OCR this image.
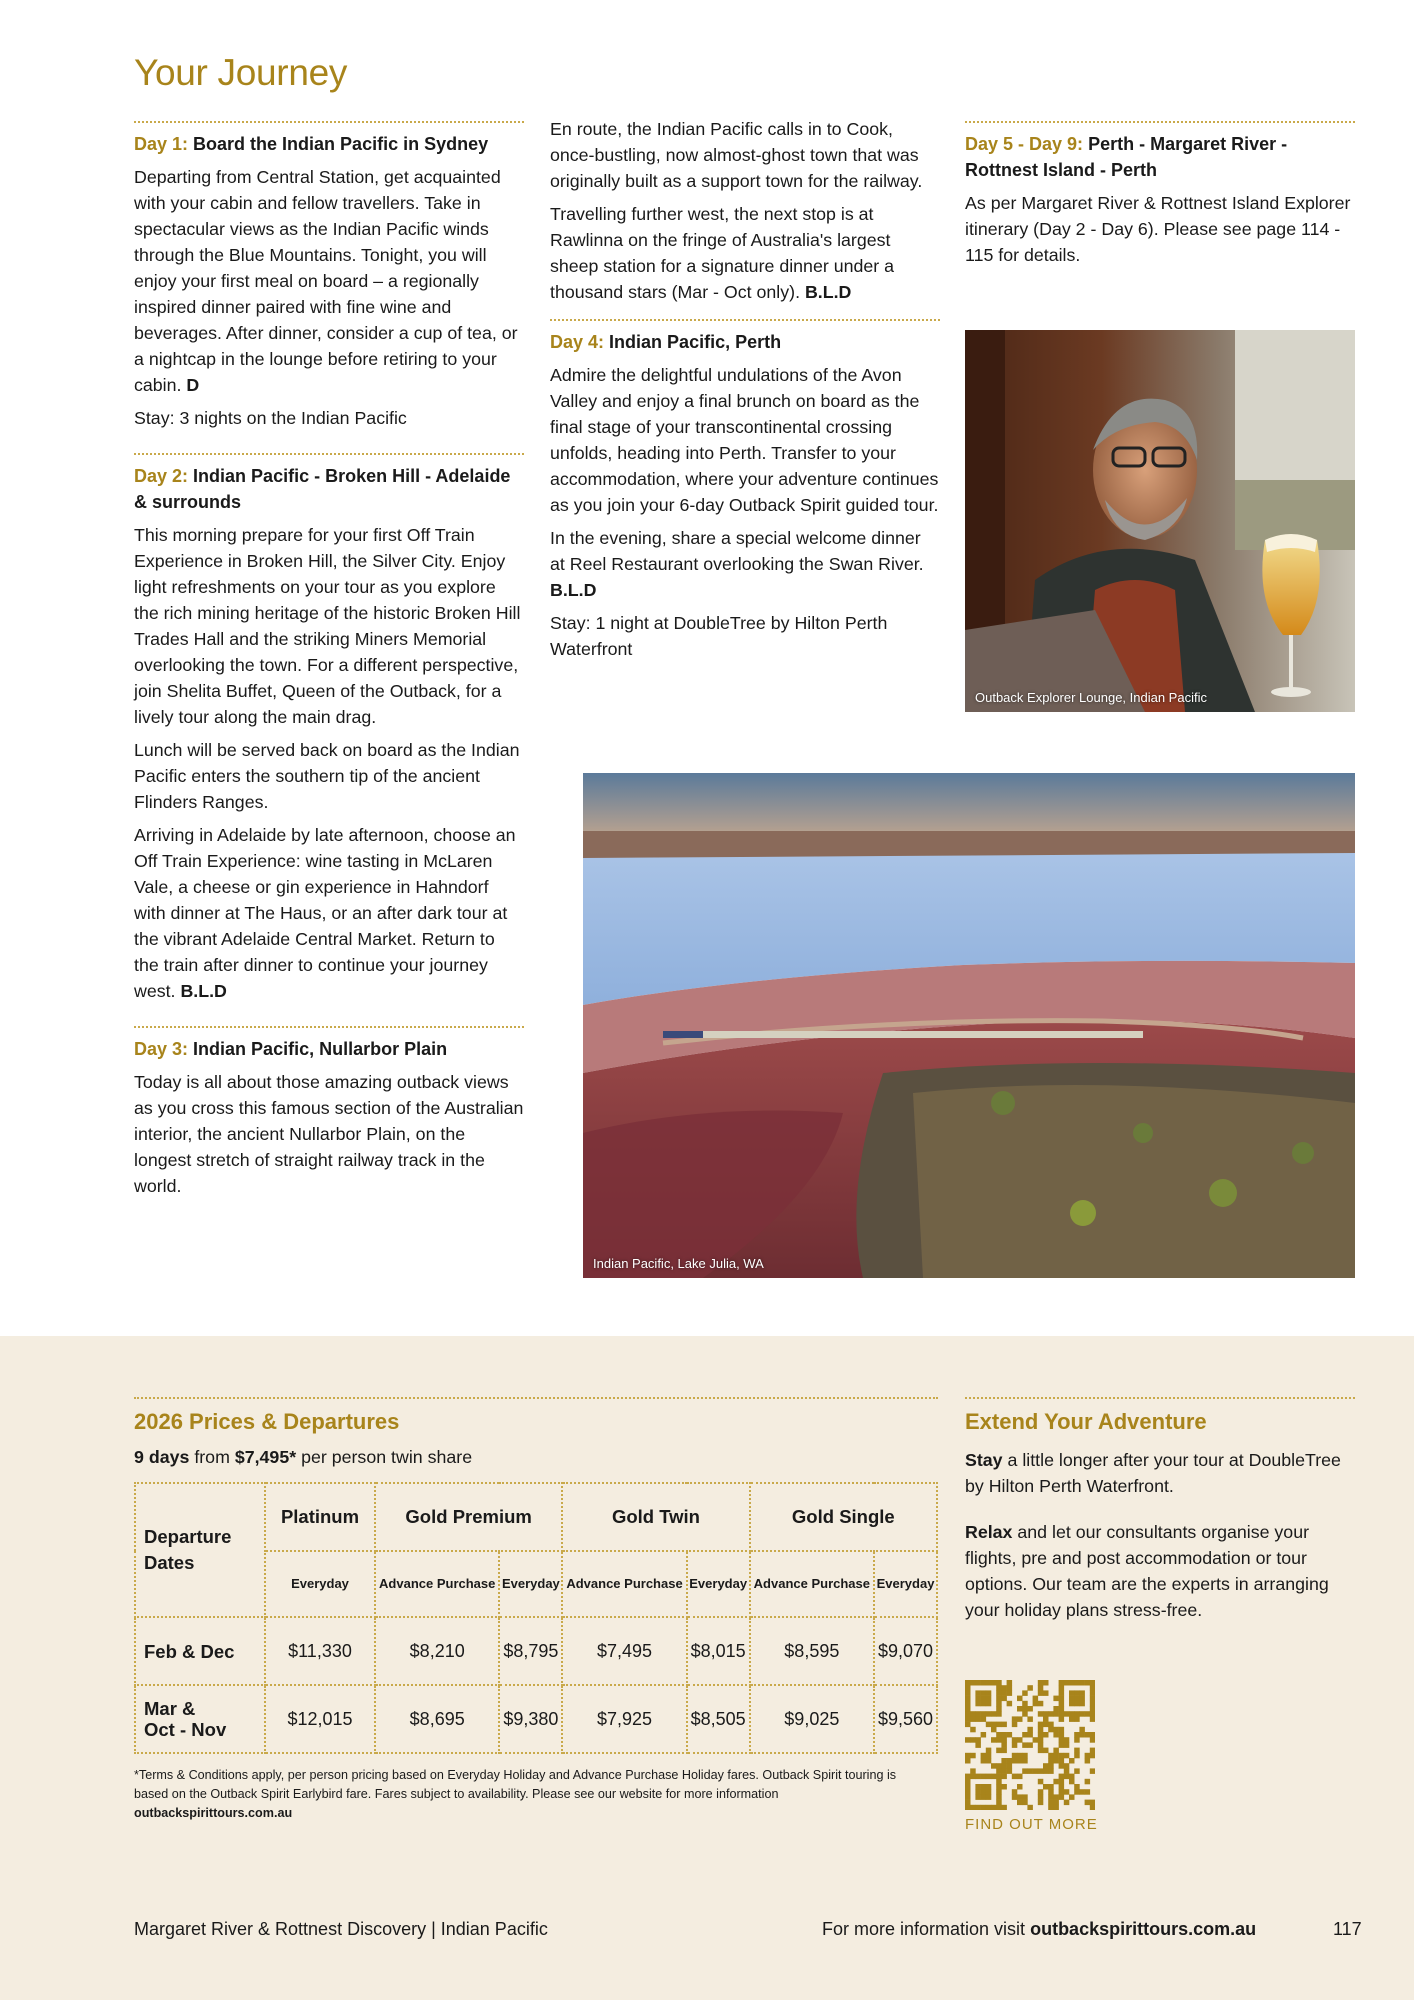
Your Journey
Day 1: Board the Indian Pacific in Sydney

Departing from Central Station, get acquainted with your cabin and fellow travellers. Take in spectacular views as the Indian Pacific winds through the Blue Mountains. Tonight, you will enjoy your first meal on board – a regionally inspired dinner paired with fine wine and beverages. After dinner, consider a cup of tea, or a nightcap in the lounge before retiring to your cabin. D

Stay: 3 nights on the Indian Pacific

Day 2: Indian Pacific - Broken Hill - Adelaide & surrounds

This morning prepare for your first Off Train Experience in Broken Hill, the Silver City. Enjoy light refreshments on your tour as you explore the rich mining heritage of the historic Broken Hill Trades Hall and the striking Miners Memorial overlooking the town. For a different perspective, join Shelita Buffet, Queen of the Outback, for a lively tour along the main drag.

Lunch will be served back on board as the Indian Pacific enters the southern tip of the ancient Flinders Ranges.

Arriving in Adelaide by late afternoon, choose an Off Train Experience: wine tasting in McLaren Vale, a cheese or gin experience in Hahndorf with dinner at The Haus, or an after dark tour at the vibrant Adelaide Central Market. Return to the train after dinner to continue your journey west. B.L.D

Day 3: Indian Pacific, Nullarbor Plain

Today is all about those amazing outback views as you cross this famous section of the Australian interior, the ancient Nullarbor Plain, on the longest stretch of straight railway track in the world.

En route, the Indian Pacific calls in to Cook, once-bustling, now almost-ghost town that was originally built as a support town for the railway.

Travelling further west, the next stop is at Rawlinna on the fringe of Australia's largest sheep station for a signature dinner under a thousand stars (Mar - Oct only). B.L.D

Day 4: Indian Pacific, Perth

Admire the delightful undulations of the Avon Valley and enjoy a final brunch on board as the final stage of your transcontinental crossing unfolds, heading into Perth. Transfer to your accommodation, where your adventure continues as you join your 6-day Outback Spirit guided tour.

In the evening, share a special welcome dinner at Reel Restaurant overlooking the Swan River.
B.L.D

Stay: 1 night at DoubleTree by Hilton Perth Waterfront

Day 5 - Day 9: Perth - Margaret River - Rottnest Island - Perth

As per Margaret River & Rottnest Island Explorer itinerary (Day 2 - Day 6). Please see page 114 - 115 for details.

Outback Explorer Lounge, Indian Pacific
Indian Pacific, Lake Julia, WA
2026 Prices & Departures
9 days from $7,495* per person twin share
Departure Dates	Platinum	Gold Premium		Gold Twin		Gold Single	
	Everyday	Advance Purchase	Everyday	Advance Purchase	Everyday	Advance Purchase	Everyday
Feb & Dec	$11,330	$8,210	$8,795	$7,495	$8,015	$8,595	$9,070
Mar &
Oct - Nov	$12,015	$8,695	$9,380	$7,925	$8,505	$9,025	$9,560
*Terms & Conditions apply, per person pricing based on Everyday Holiday and Advance Purchase Holiday fares. Outback Spirit touring is based on the Outback Spirit Earlybird fare. Fares subject to availability. Please see our website for more information
outbackspirittours.com.au
Extend Your Adventure

Stay a little longer after your tour at DoubleTree by Hilton Perth Waterfront.

Relax and let our consultants organise your flights, pre and post accommodation or tour options. Our team are the experts in arranging your holiday plans stress-free.

FIND OUT MORE
Margaret River & Rottnest Discovery | Indian Pacific	For more information visit outbackspirittours.com.au	117
